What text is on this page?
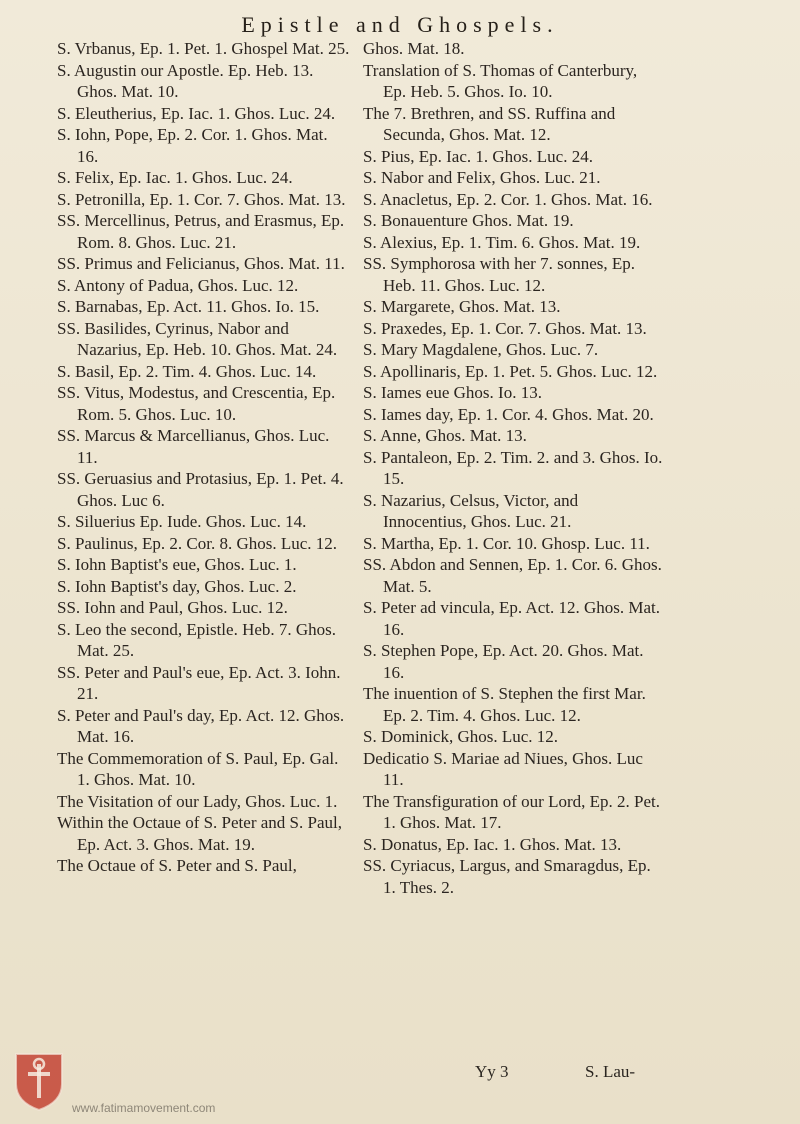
Epistle and Ghospels.

S. Vrbanus, Ep. 1. Pet. 1. Ghospel Mat. 25.

S. Augustin our Apostle. Ep. Heb. 13. Ghos. Mat. 10.

S. Eleutherius, Ep. Iac. 1. Ghos. Luc. 24.

S. Iohn, Pope, Ep. 2. Cor. 1. Ghos. Mat. 16.

S. Felix, Ep. Iac. 1. Ghos. Luc. 24.

S. Petronilla, Ep. 1. Cor. 7. Ghos. Mat. 13.

SS. Mercellinus, Petrus, and Erasmus, Ep. Rom. 8. Ghos. Luc. 21.

SS. Primus and Felicianus, Ghos. Mat. 11.

S. Antony of Padua, Ghos. Luc. 12.

S. Barnabas, Ep. Act. 11. Ghos. Io. 15.

SS. Basilides, Cyrinus, Nabor and Nazarius, Ep. Heb. 10. Ghos. Mat. 24.

S. Basil, Ep. 2. Tim. 4. Ghos. Luc. 14.

SS. Vitus, Modestus, and Crescentia, Ep. Rom. 5. Ghos. Luc. 10.

SS. Marcus & Marcellianus, Ghos. Luc. 11.

SS. Geruasius and Protasius, Ep. 1. Pet. 4. Ghos. Luc 6.

S. Siluerius Ep. Iude. Ghos. Luc. 14.

S. Paulinus, Ep. 2. Cor. 8. Ghos. Luc. 12.

S. Iohn Baptist's eue, Ghos. Luc. 1.

S. Iohn Baptist's day, Ghos. Luc. 2.

SS. Iohn and Paul, Ghos. Luc. 12.

S. Leo the second, Epistle. Heb. 7. Ghos. Mat. 25.

SS. Peter and Paul's eue, Ep. Act. 3. Iohn. 21.

S. Peter and Paul's day, Ep. Act. 12. Ghos. Mat. 16.

The Commemoration of S. Paul, Ep. Gal. 1. Ghos. Mat. 10.

The Visitation of our Lady, Ghos. Luc. 1.

Within the Octaue of S. Peter and S. Paul, Ep. Act. 3. Ghos. Mat. 19.

The Octaue of S. Peter and S. Paul,

Ghos. Mat. 18.

Translation of S. Thomas of Canterbury, Ep. Heb. 5. Ghos. Io. 10.

The 7. Brethren, and SS. Ruffina and Secunda, Ghos. Mat. 12.

S. Pius, Ep. Iac. 1. Ghos. Luc. 24.

S. Nabor and Felix, Ghos. Luc. 21.

S. Anacletus, Ep. 2. Cor. 1. Ghos. Mat. 16.

S. Bonauenture Ghos. Mat. 19.

S. Alexius, Ep. 1. Tim. 6. Ghos. Mat. 19.

SS. Symphorosa with her 7. sonnes, Ep. Heb. 11. Ghos. Luc. 12.

S. Margarete, Ghos. Mat. 13.

S. Praxedes, Ep. 1. Cor. 7. Ghos. Mat. 13.

S. Mary Magdalene, Ghos. Luc. 7.

S. Apollinaris, Ep. 1. Pet. 5. Ghos. Luc. 12.

S. Iames eue Ghos. Io. 13.

S. Iames day, Ep. 1. Cor. 4. Ghos. Mat. 20.

S. Anne, Ghos. Mat. 13.

S. Pantaleon, Ep. 2. Tim. 2. and 3. Ghos. Io. 15.

S. Nazarius, Celsus, Victor, and Innocentius, Ghos. Luc. 21.

S. Martha, Ep. 1. Cor. 10. Ghosp. Luc. 11.

SS. Abdon and Sennen, Ep. 1. Cor. 6. Ghos. Mat. 5.

S. Peter ad vincula, Ep. Act. 12. Ghos. Mat. 16.

S. Stephen Pope, Ep. Act. 20. Ghos. Mat. 16.

The inuention of S. Stephen the first Mar. Ep. 2. Tim. 4. Ghos. Luc. 12.

S. Dominick, Ghos. Luc. 12.

Dedicatio S. Mariae ad Niues, Ghos. Luc 11.

The Transfiguration of our Lord, Ep. 2. Pet. 1. Ghos. Mat. 17.

S. Donatus, Ep. Iac. 1. Ghos. Mat. 13.

SS. Cyriacus, Largus, and Smaragdus, Ep. 1. Thes. 2.

Yy 3	S. Lau-
www.fatimamovement.com
